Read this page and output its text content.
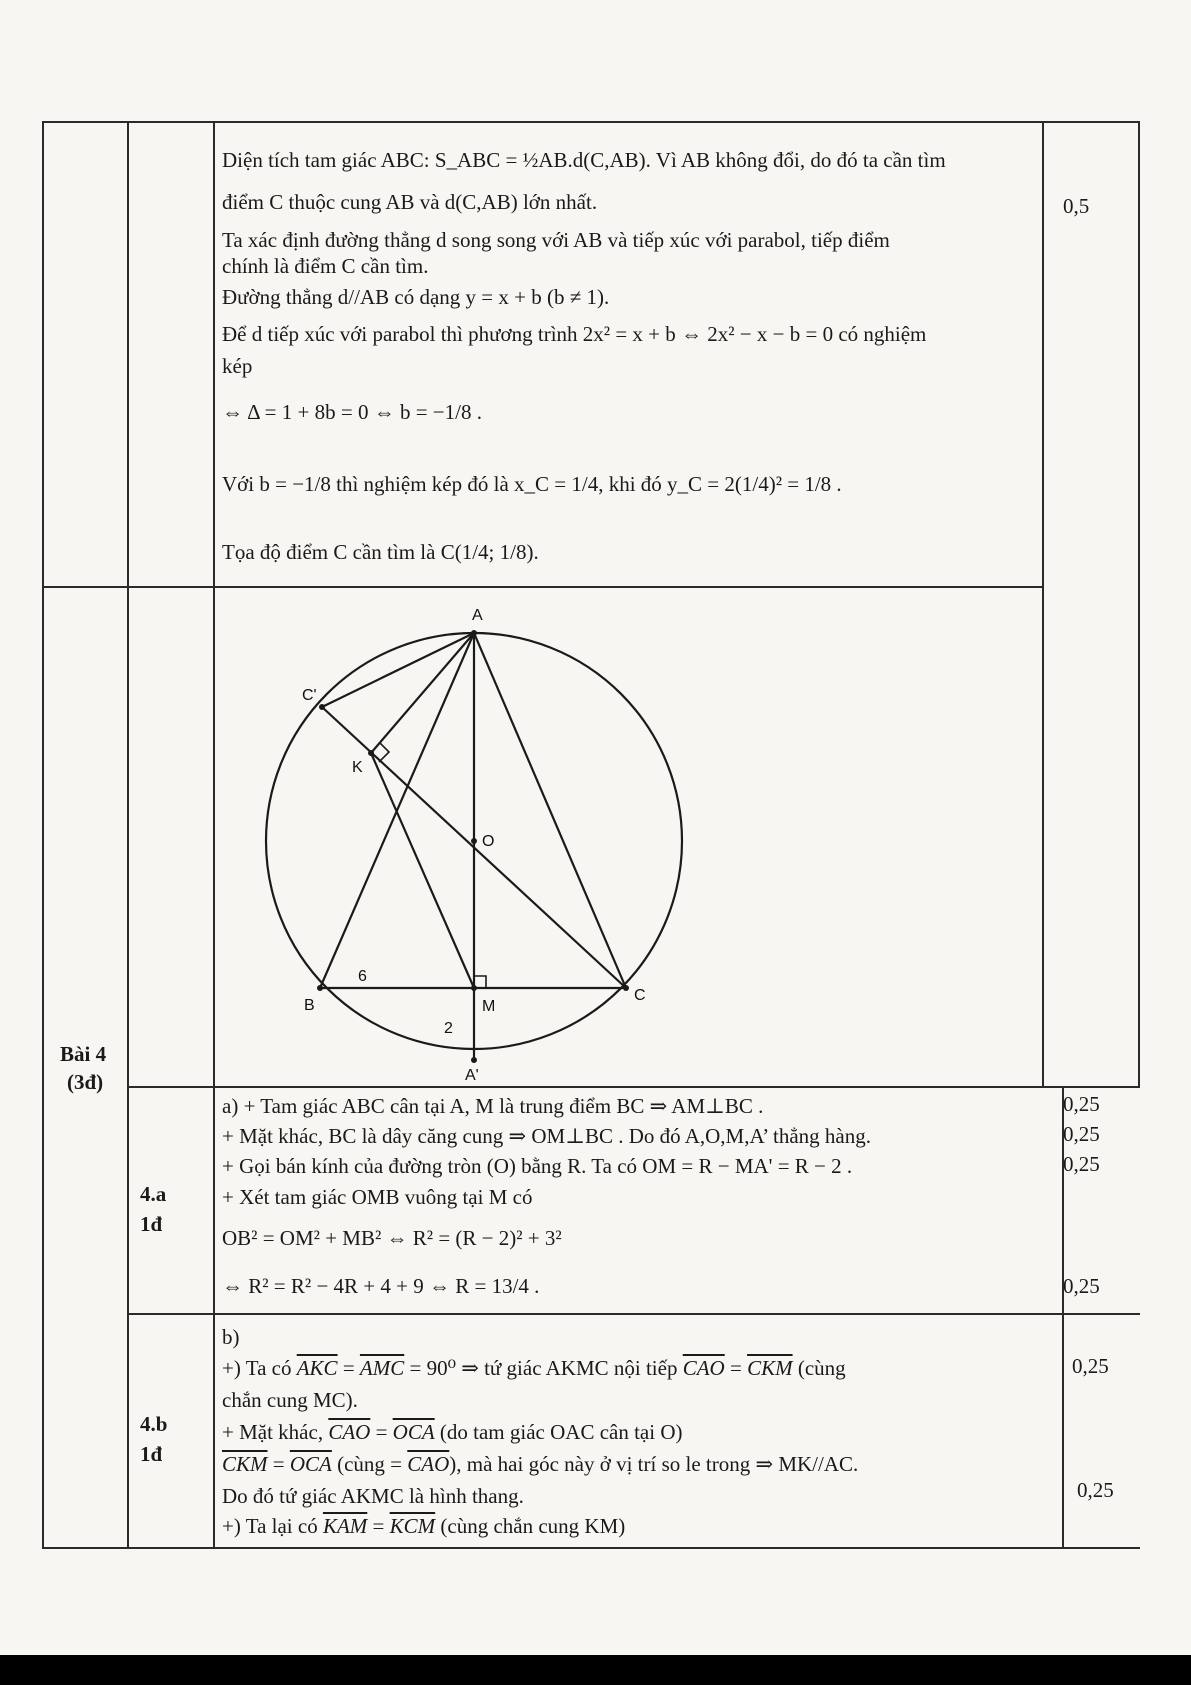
Diện tích tam giác ABC: S_ABC = ½AB.d(C,AB). Vì AB không đổi, do đó ta cần tìm
điểm C thuộc cung AB và d(C,AB) lớn nhất.
Ta xác định đường thẳng d song song với AB và tiếp xúc với parabol, tiếp điểm
chính là điểm C cần tìm.
Đường thẳng d//AB có dạng y = x + b (b ≠ 1).
Để d tiếp xúc với parabol thì phương trình 2x² = x + b ⇔ 2x² − x − b = 0 có nghiệm
kép
⇔ Δ = 1 + 8b = 0 ⇔ b = −1/8 .
Với b = −1/8 thì nghiệm kép đó là x_C = 1/4, khi đó y_C = 2(1/4)² = 1/8 .
Tọa độ điểm C cần tìm là C(1/4; 1/8).
0,5
Bài 4
(3đ)
A
C'
K
O
6
B	M
C
2
A'
4.a
1đ
a) + Tam giác ABC cân tại A, M là trung điểm BC ⇒ AM⊥BC .
+ Mặt khác, BC là dây căng cung ⇒ OM⊥BC . Do đó A,O,M,A’ thẳng hàng.
+ Gọi bán kính của đường tròn (O) bằng R. Ta có OM = R − MA' = R − 2 .
+ Xét tam giác OMB vuông tại M có
OB² = OM² + MB² ⇔ R² = (R − 2)² + 3²
⇔ R² = R² − 4R + 4 + 9 ⇔ R = 13/4 .
0,25
0,25
0,25
0,25
4.b
1đ
b)
+) Ta có $\overline{AKC} = \overline{AMC} = 90^0$ ⇒ tứ giác AKMC nội tiếp $\overline{CAO} = \overline{CKM}$ (cùng
chắn cung MC).
+ Mặt khác, $\overline{CAO} = \overline{OCA}$ (do tam giác OAC cân tại O)
$\overline{CKM} = \overline{OCA}$ (cùng = $\overline{CAO}$), mà hai góc này ở vị trí so le trong ⇒ MK//AC.
Do đó tứ giác AKMC là hình thang.
+) Ta lại có $\overline{KAM} = \overline{KCM}$ (cùng chắn cung KM)
0,25
0,25
